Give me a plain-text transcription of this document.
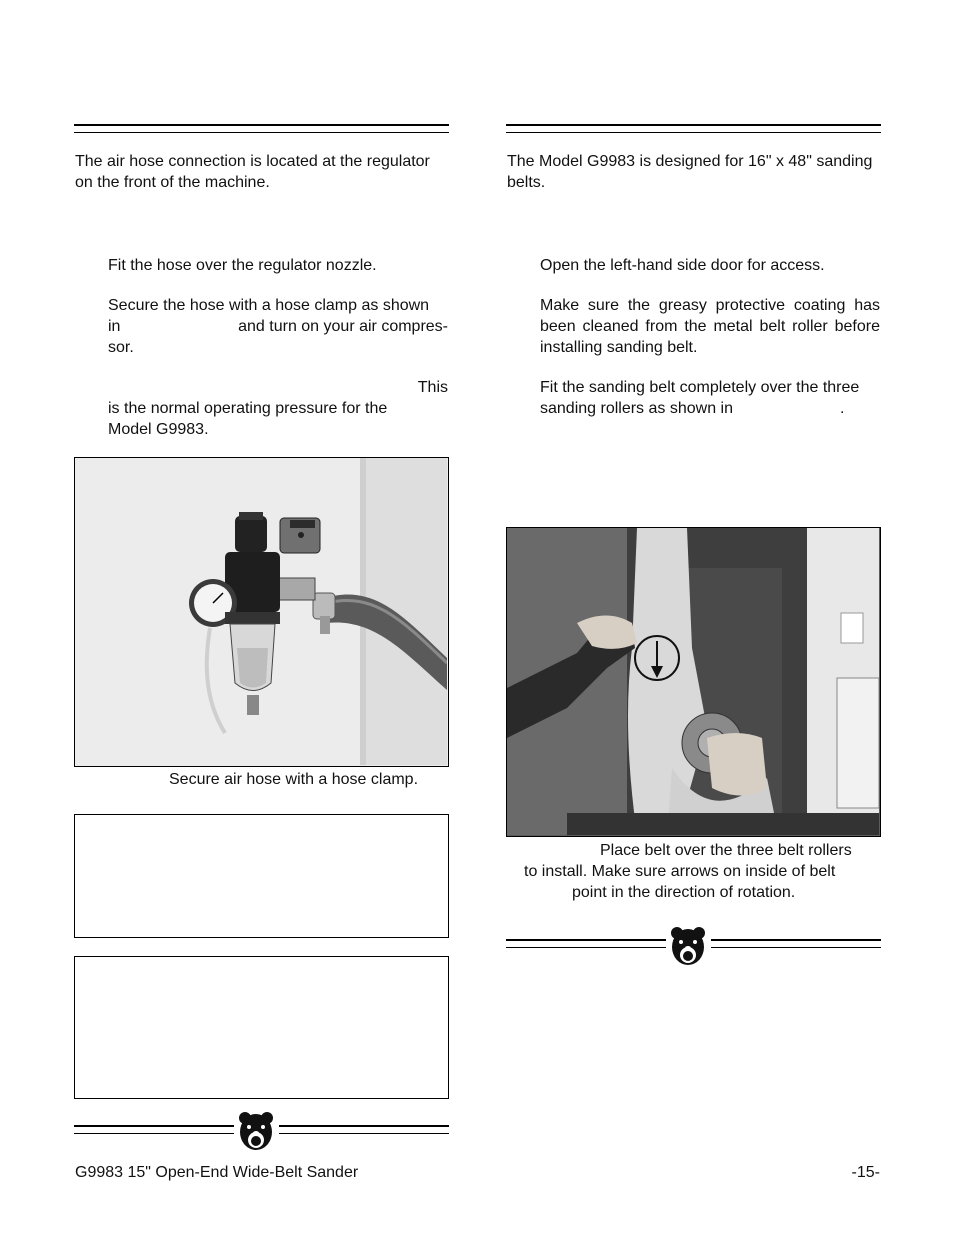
The air hose connection is located at the regulator on the front of the machine.
Fit the hose over the regulator nozzle.
Secure the hose with a hose clamp as shown
in	and turn on your air compres-
sor.
This
is the normal operating pressure for the
Model G9983.
Secure air hose with a hose clamp.
The Model G9983 is designed for 16" x 48" sanding belts.
Open the left-hand side door for access.
Make sure the greasy protective coating has been cleaned from the metal belt roller before installing sanding belt.
Fit the sanding belt completely over the three
sanding rollers as shown in	.
Place belt over the three belt rollers
to install. Make sure arrows on inside of belt
point in the direction of rotation.
G9983 15" Open-End Wide-Belt Sander	-15-
